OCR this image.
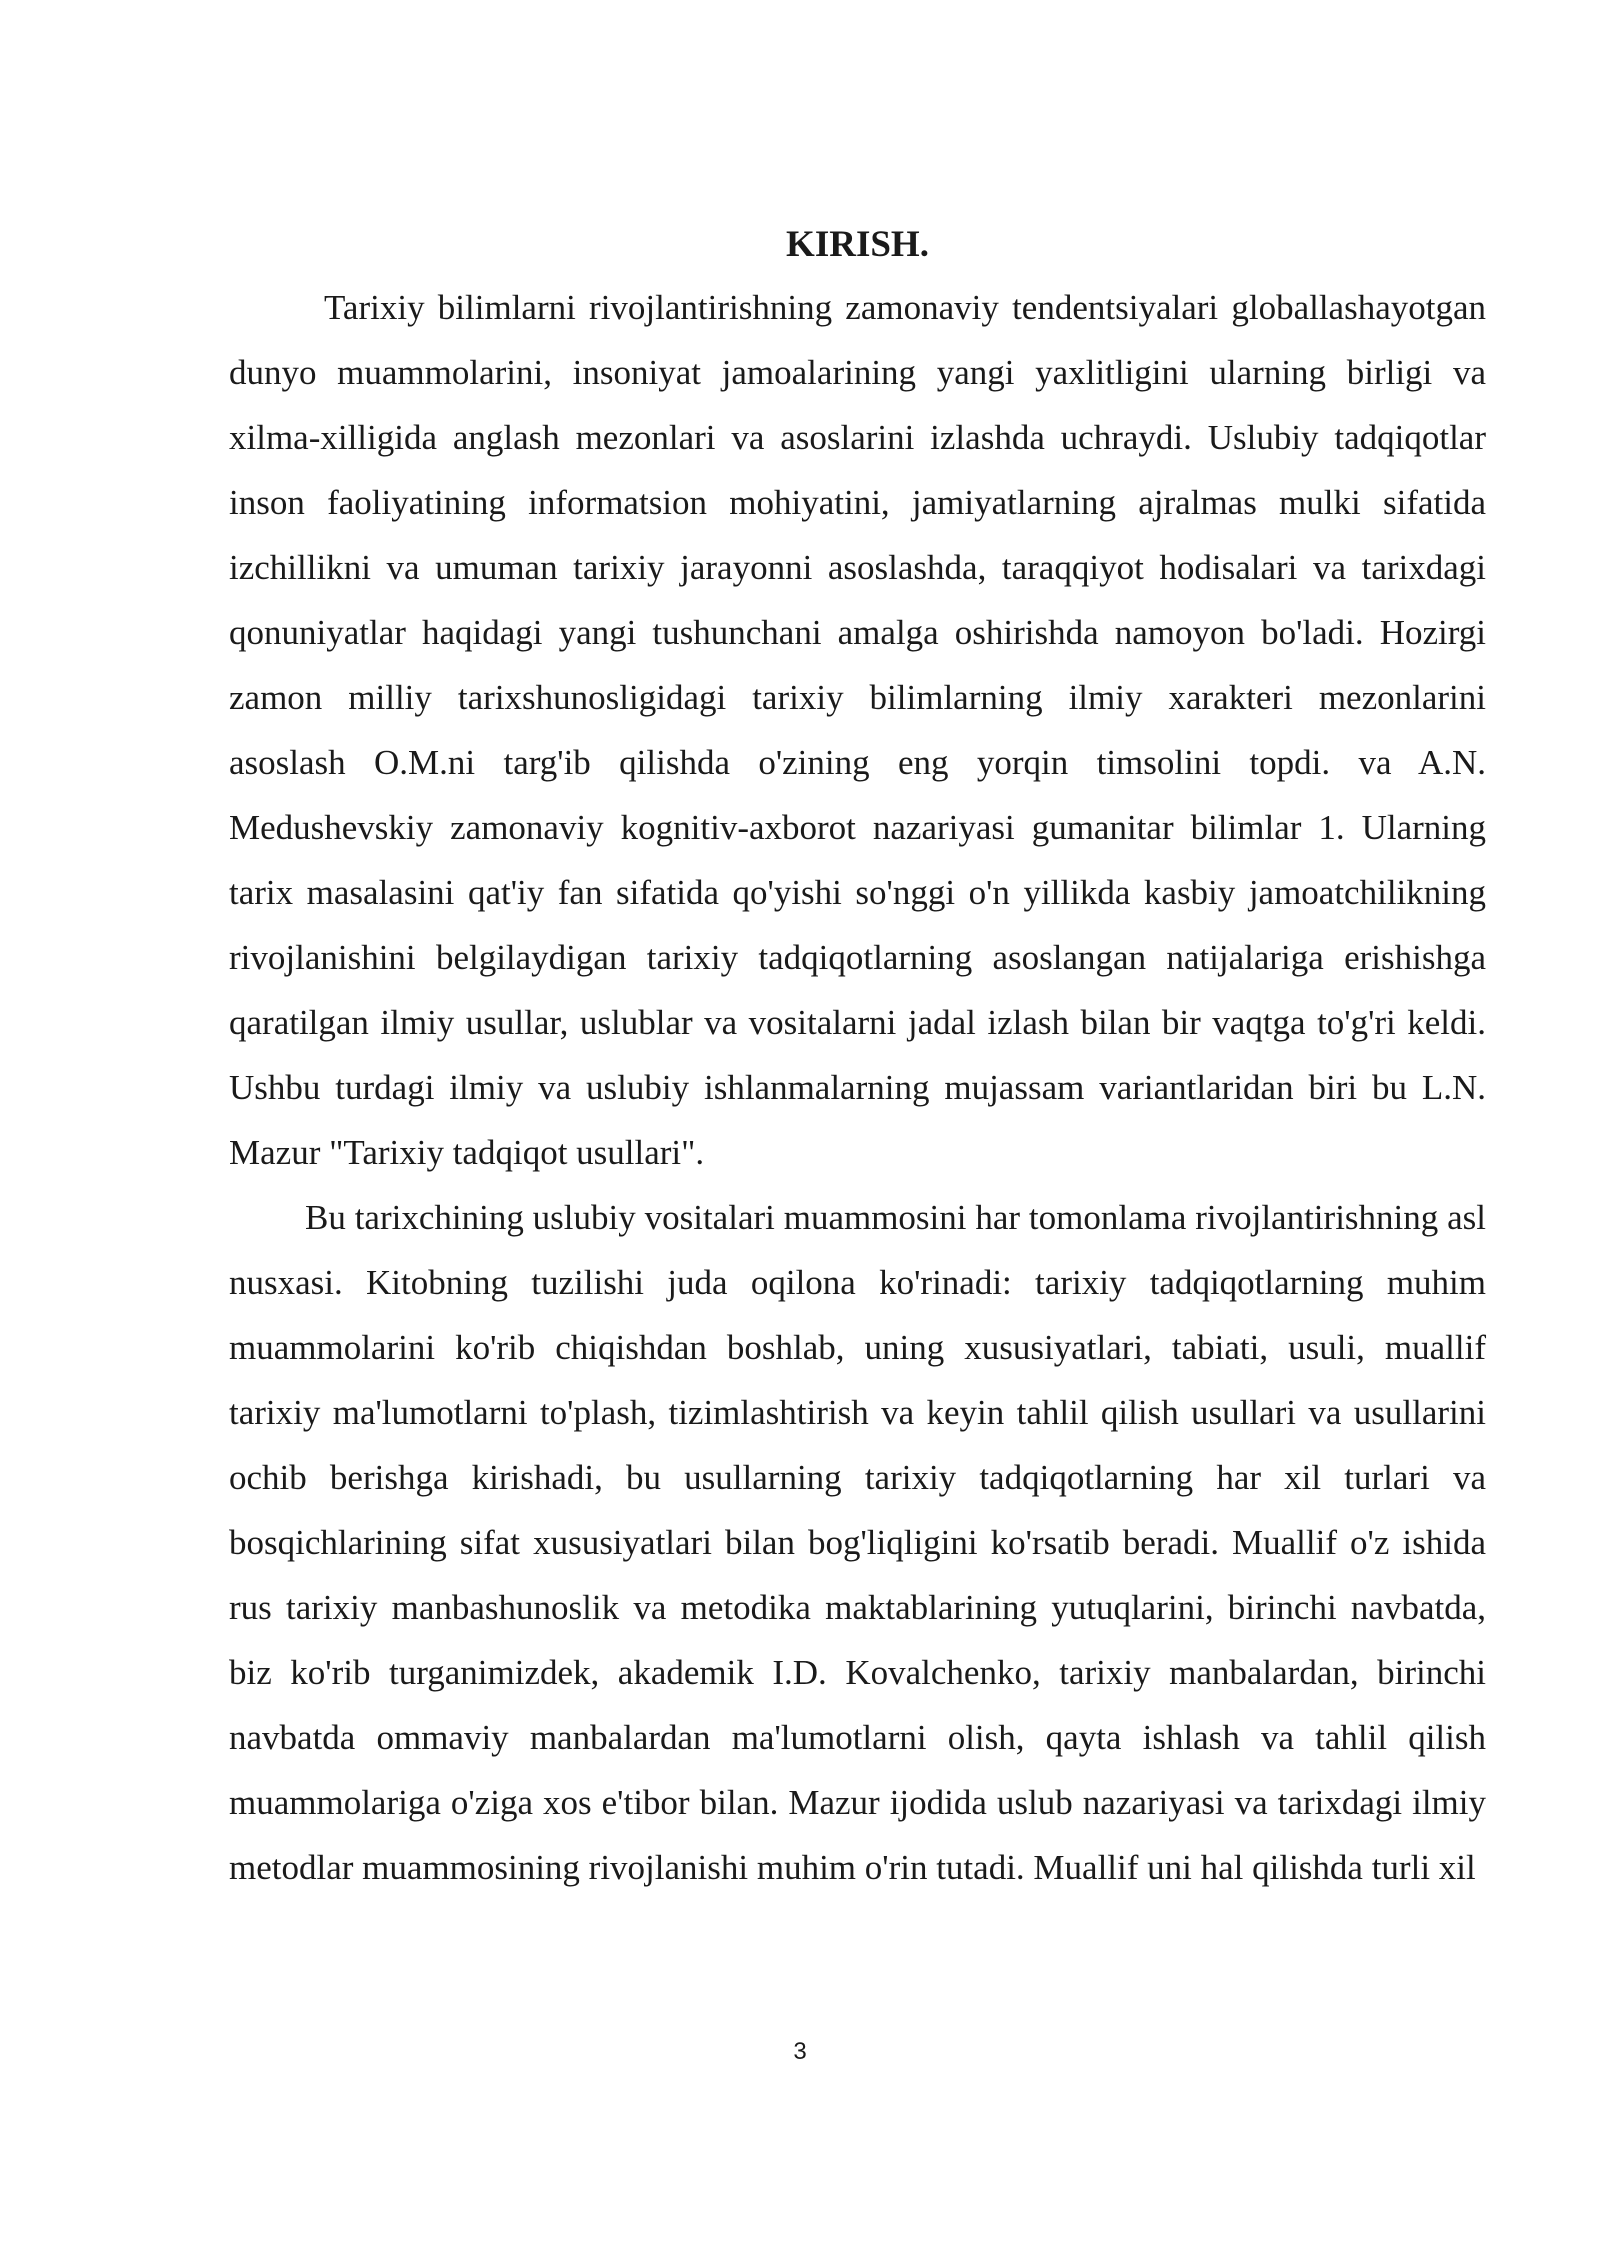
KIRISH.

Tarixiy bilimlarni rivojlantirishning zamonaviy tendentsiyalari globallashayotgan dunyo muammolarini, insoniyat jamoalarining yangi yaxlitligini ularning birligi va xilma-xilligida anglash mezonlari va asoslarini izlashda uchraydi. Uslubiy tadqiqotlar inson faoliyatining informatsion mohiyatini, jamiyatlarning ajralmas mulki sifatida izchillikni va umuman tarixiy jarayonni asoslashda, taraqqiyot hodisalari va tarixdagi qonuniyatlar haqidagi yangi tushunchani amalga oshirishda namoyon bo'ladi. Hozirgi zamon milliy tarixshunosligidagi tarixiy bilimlarning ilmiy xarakteri mezonlarini asoslash O.M.ni targ'ib qilishda o'zining eng yorqin timsolini topdi. va A.N. Medushevskiy zamonaviy kognitiv-axborot nazariyasi gumanitar bilimlar 1. Ularning tarix masalasini qat'iy fan sifatida qo'yishi so'nggi o'n yillikda kasbiy jamoatchilikning rivojlanishini belgilaydigan tarixiy tadqiqotlarning asoslangan natijalariga erishishga qaratilgan ilmiy usullar, uslublar va vositalarni jadal izlash bilan bir vaqtga to'g'ri keldi. Ushbu turdagi ilmiy va uslubiy ishlanmalarning mujassam variantlaridan biri bu L.N. Mazur "Tarixiy tadqiqot usullari".

Bu tarixchining uslubiy vositalari muammosini har tomonlama rivojlantirishning asl nusxasi. Kitobning tuzilishi juda oqilona ko'rinadi: tarixiy tadqiqotlarning muhim muammolarini ko'rib chiqishdan boshlab, uning xususiyatlari, tabiati, usuli, muallif tarixiy ma'lumotlarni to'plash, tizimlashtirish va keyin tahlil qilish usullari va usullarini ochib berishga kirishadi, bu usullarning tarixiy tadqiqotlarning har xil turlari va bosqichlarining sifat xususiyatlari bilan bog'liqligini ko'rsatib beradi. Muallif o'z ishida rus tarixiy manbashunoslik va metodika maktablarining yutuqlarini, birinchi navbatda, biz ko'rib turganimizdek, akademik I.D. Kovalchenko, tarixiy manbalardan, birinchi navbatda ommaviy manbalardan ma'lumotlarni olish, qayta ishlash va tahlil qilish muammolariga o'ziga xos e'tibor bilan. Mazur ijodida uslub nazariyasi va tarixdagi ilmiy metodlar muammosining rivojlanishi muhim o'rin tutadi. Muallif uni hal qilishda turli xil

3
